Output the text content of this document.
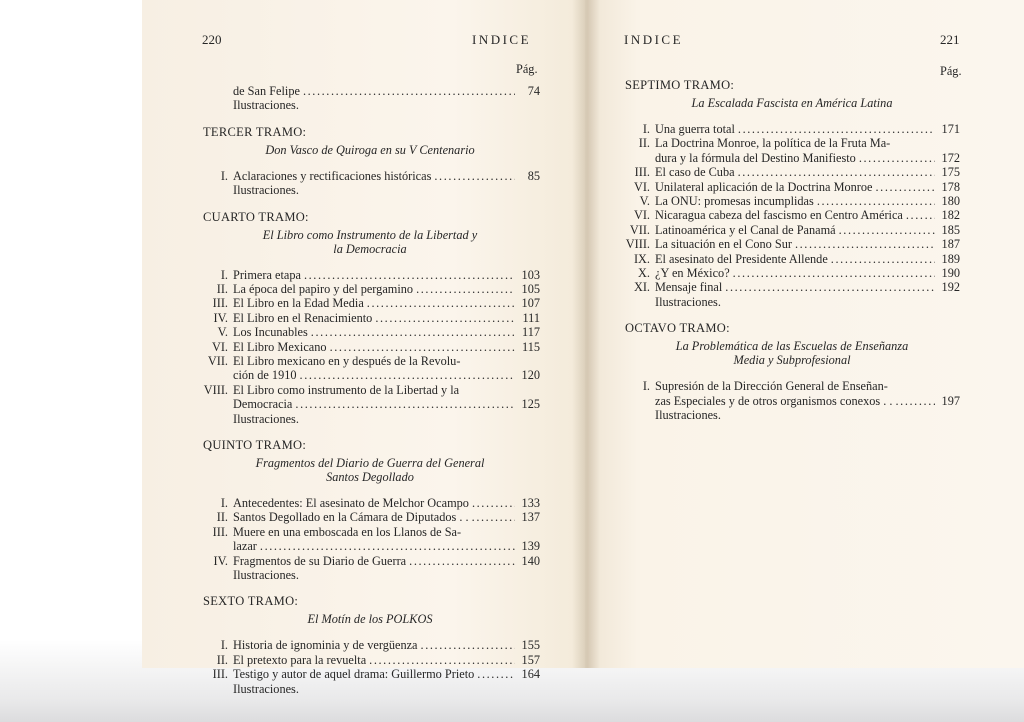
220	INDICE
Pág.
INDICE	221
Pág.
de San Felipe .....	74
Ilustraciones.
TERCER TRAMO:
Don Vasco de Quiroga en su V Centenario
I. Aclaraciones y rectificaciones históricas .....	85
Ilustraciones.
CUARTO TRAMO:
El Libro como Instrumento de la Libertad y
la Democracia
I. Primera etapa .....	103
II. La época del papiro y del pergamino .....	105
III. El Libro en la Edad Media .....	107
IV. El Libro en el Renacimiento .....	111
V. Los Incunables .....	117
VI. El Libro Mexicano .....	115
VII. El Libro mexicano en y después de la Revolu-
ción de 1910 .....	120
VIII. El Libro como instrumento de la Libertad y la
Democracia .....	125
Ilustraciones.
QUINTO TRAMO:
Fragmentos del Diario de Guerra del General
Santos Degollado
I. Antecedentes: El asesinato de Melchor Ocampo .....	133
II. Santos Degollado en la Cámara de Diputados . . .....	137
III. Muere en una emboscada en los Llanos de Sa-
lazar .....	139
IV. Fragmentos de su Diario de Guerra .....	140
Ilustraciones.
SEXTO TRAMO:
El Motín de los POLKOS
I. Historia de ignominia y de vergüenza .....	155
II. El pretexto para la revuelta .....	157
III. Testigo y autor de aquel drama: Guillermo Prieto .....	164
Ilustraciones.
SEPTIMO TRAMO:
La Escalada Fascista en América Latina
I. Una guerra total .....	171
II. La Doctrina Monroe, la política de la Fruta Ma-
dura y la fórmula del Destino Manifiesto .....	172
III. El caso de Cuba .....	175
VI. Unilateral aplicación de la Doctrina Monroe .....	178
V. La ONU: promesas incumplidas .....	180
VI. Nicaragua cabeza del fascismo en Centro América .....	182
VII. Latinoamérica y el Canal de Panamá .....	185
VIII. La situación en el Cono Sur .....	187
IX. El asesinato del Presidente Allende .....	189
X. ¿Y en México? .....	190
XI. Mensaje final .....	192
Ilustraciones.
OCTAVO TRAMO:
La Problemática de las Escuelas de Enseñanza
Media y Subprofesional
I. Supresión de la Dirección General de Enseñan-
zas Especiales y de otros organismos conexos . . .....	197
Ilustraciones.
